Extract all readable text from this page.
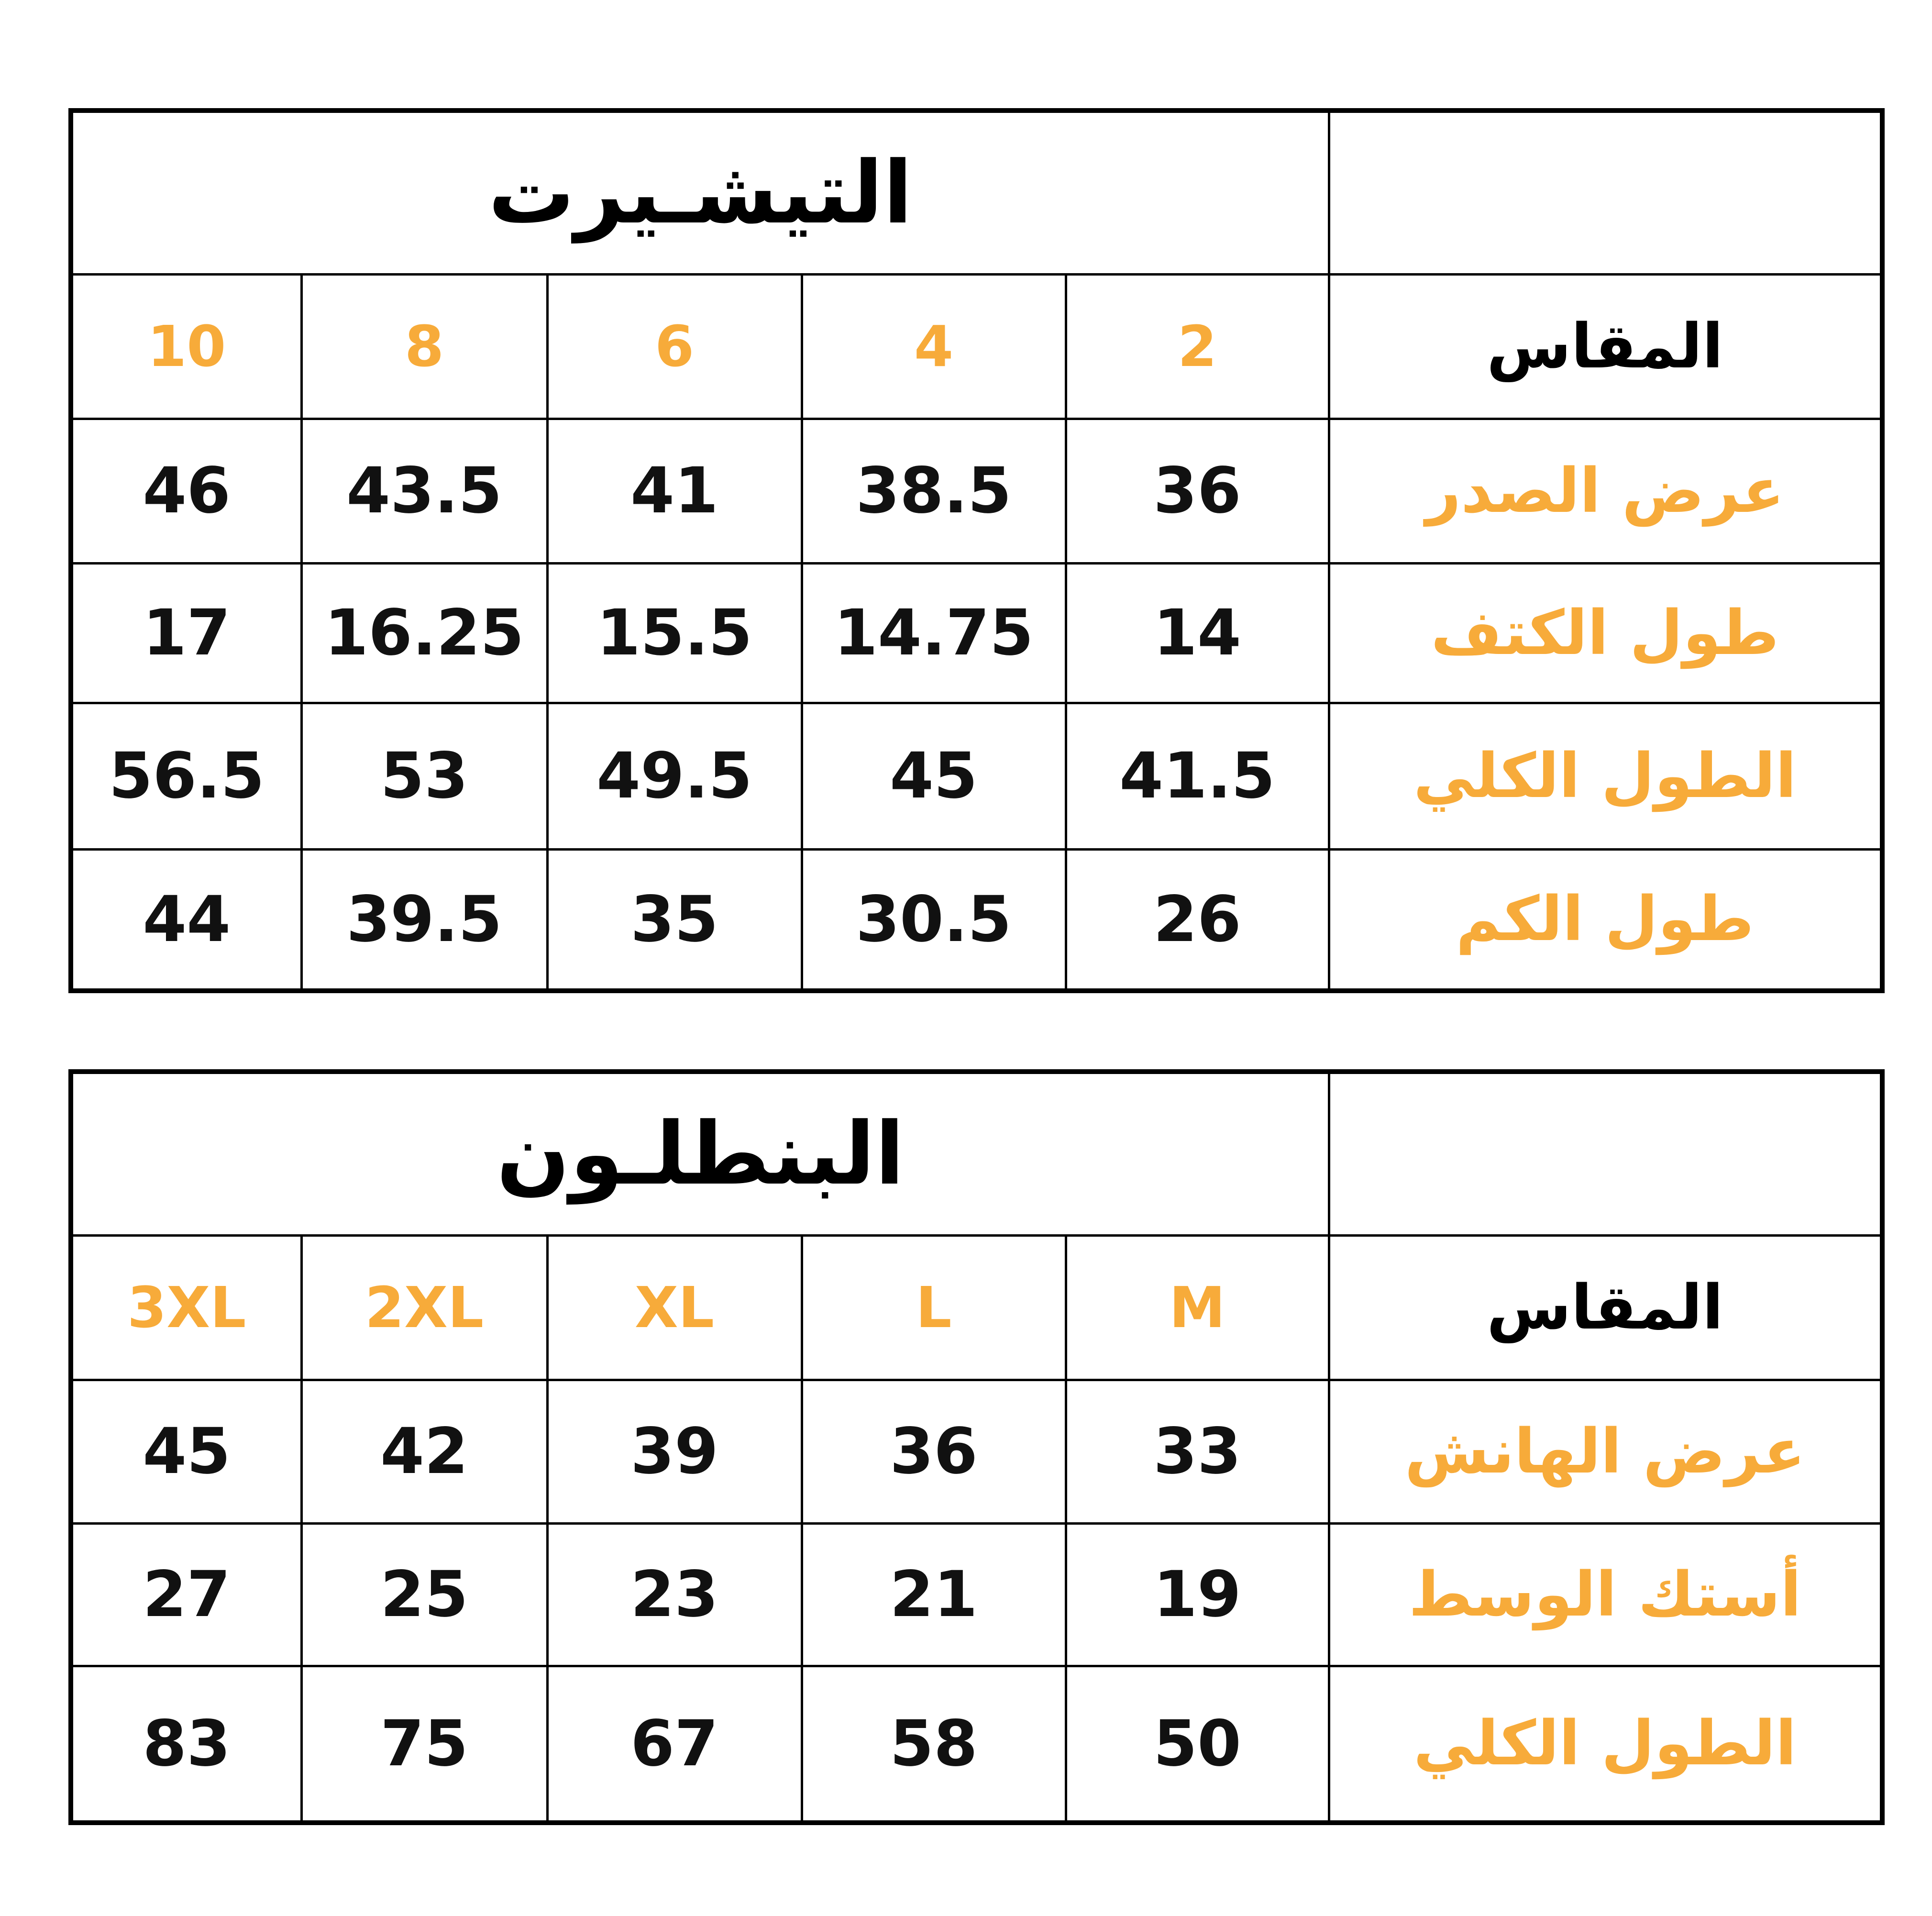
التيشـيرت					
10	8	6	4	2	المقاس
46	43.5	41	38.5	36	عرض الصدر
17	16.25	15.5	14.75	14	طول الكتف
56.5	53	49.5	45	41.5	الطول الكلي
44	39.5	35	30.5	26	طول الكم
البنطلـون					
3XL	2XL	XL	L	M	المقاس
45	42	39	36	33	عرض الهانش
27	25	23	21	19	أستك الوسط
83	75	67	58	50	الطول الكلي
